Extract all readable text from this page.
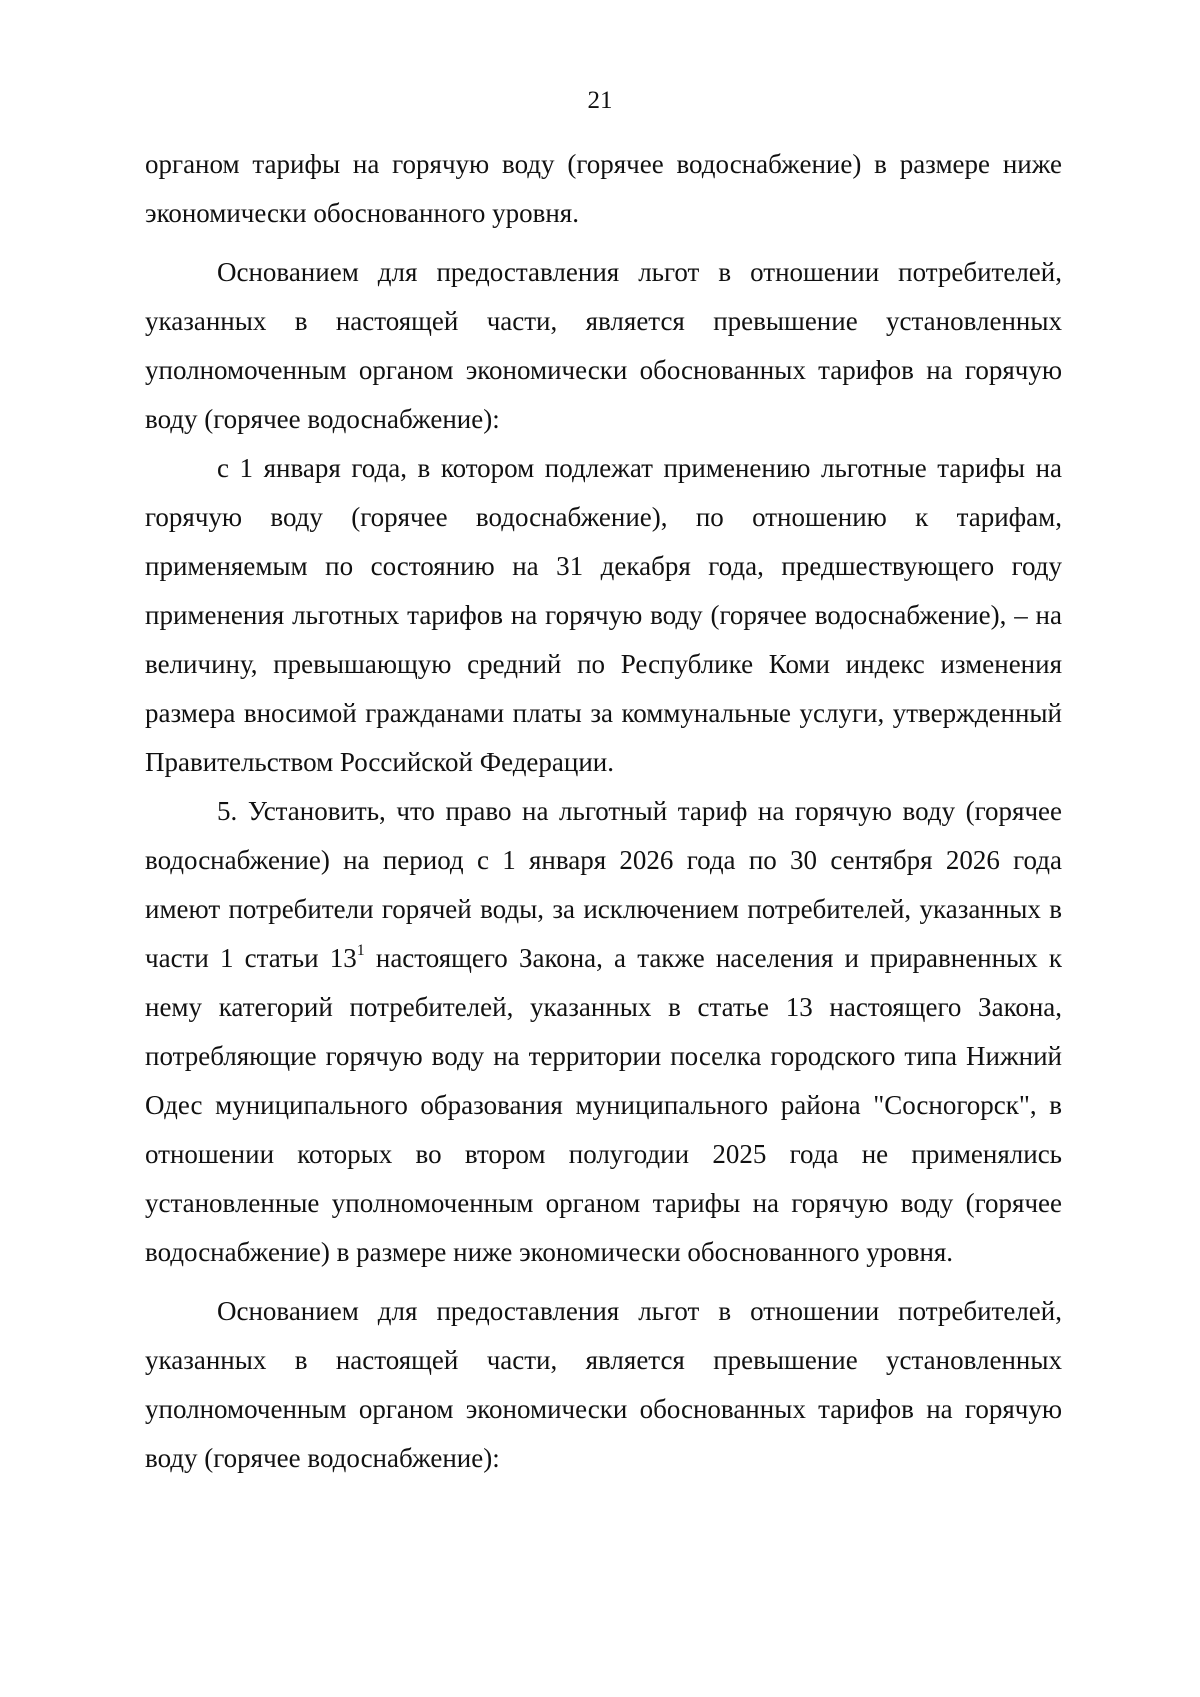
21

органом тарифы на горячую воду (горячее водоснабжение) в размере ниже экономически обоснованного уровня.

Основанием для предоставления льгот в отношении потребителей, указанных в настоящей части, является превышение установленных уполномоченным органом экономически обоснованных тарифов на горячую воду (горячее водоснабжение):

с 1 января года, в котором подлежат применению льготные тарифы на горячую воду (горячее водоснабжение), по отношению к тарифам, применяемым по состоянию на 31 декабря года, предшествующего году применения льготных тарифов на горячую воду (горячее водоснабжение), – на величину, превышающую средний по Республике Коми индекс изменения размера вносимой гражданами платы за коммунальные услуги, утвержденный Правительством Российской Федерации.

5. Установить, что право на льготный тариф на горячую воду (горячее водоснабжение) на период с 1 января 2026 года по 30 сентября 2026 года имеют потребители горячей воды, за исключением потребителей, указанных в части 1 статьи $13^1$ настоящего Закона, а также населения и приравненных к нему категорий потребителей, указанных в статье 13 настоящего Закона, потребляющие горячую воду на территории поселка городского типа Нижний Одес муниципального образования муниципального района "Сосногорск", в отношении которых во втором полугодии 2025 года не применялись установленные уполномоченным органом тарифы на горячую воду (горячее водоснабжение) в размере ниже экономически обоснованного уровня.

Основанием для предоставления льгот в отношении потребителей, указанных в настоящей части, является превышение установленных уполномоченным органом экономически обоснованных тарифов на горячую воду (горячее водоснабжение):
